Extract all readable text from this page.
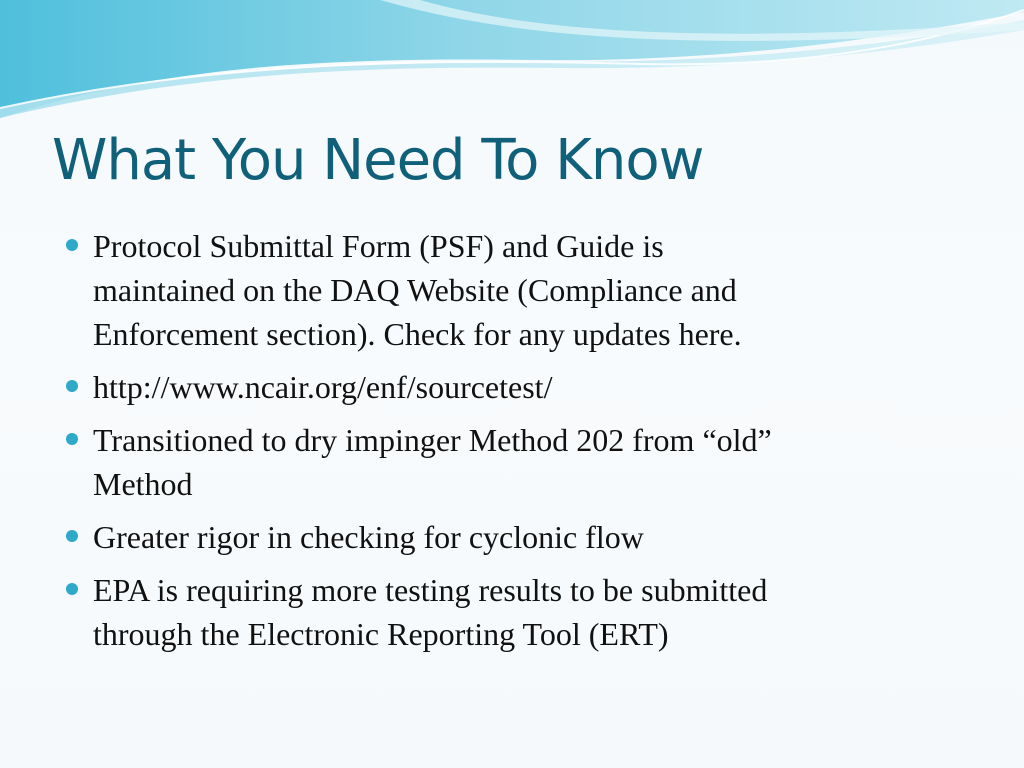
What You Need To Know
Protocol Submittal Form (PSF) and Guide is
maintained on the DAQ Website (Compliance and
Enforcement section). Check for any updates here.
http://www.ncair.org/enf/sourcetest/
Transitioned to dry impinger Method 202 from “old”
Method
Greater rigor in checking for cyclonic flow
EPA is requiring more testing results to be submitted
through the Electronic Reporting Tool (ERT)
